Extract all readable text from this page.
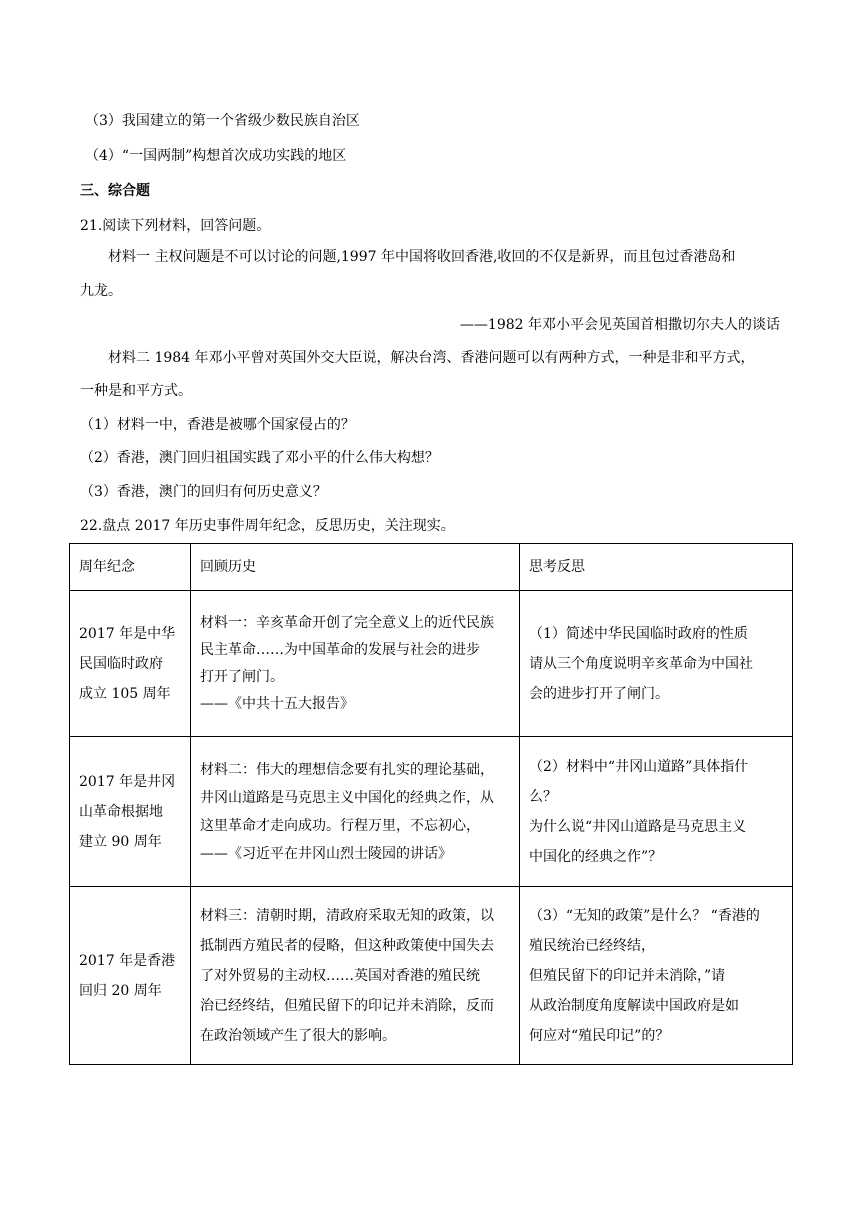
（3）我国建立的第一个省级少数民族自治区
（4）“一国两制”构想首次成功实践的地区
三、综合题
21.阅读下列材料，回答问题。
材料一 主权问题是不可以讨论的问题,1997 年中国将收回香港,收回的不仅是新界，而且包过香港岛和
九龙。
——1982 年邓小平会见英国首相撒切尔夫人的谈话
材料二 1984 年邓小平曾对英国外交大臣说，解决台湾、香港问题可以有两种方式，一种是非和平方式，
一种是和平方式。
（1）材料一中，香港是被哪个国家侵占的？
（2）香港，澳门回归祖国实践了邓小平的什么伟大构想？
（3）香港，澳门的回归有何历史意义？
22.盘点 2017 年历史事件周年纪念，反思历史，关注现实。
周年纪念	回顾历史	思考反思

2017 年是中华
民国临时政府
成立 105 周年	材料一：辛亥革命开创了完全意义上的近代民族
民主革命……为中国革命的发展与社会的进步
打开了闸门。
——《中共十五大报告》	（1）简述中华民国临时政府的性质
请从三个角度说明辛亥革命为中国社
会的进步打开了闸门。

2017 年是井冈
山革命根据地
建立 90 周年	材料二：伟大的理想信念要有扎实的理论基础，
井冈山道路是马克思主义中国化的经典之作，从
这里革命才走向成功。行程万里，不忘初心，
——《习近平在井冈山烈士陵园的讲话》	（2）材料中“井冈山道路”具体指什
么？
为什么说“井冈山道路是马克思主义
中国化的经典之作”？

2017 年是香港
回归 20 周年	材料三：清朝时期，清政府采取无知的政策，以
抵制西方殖民者的侵略，但这种政策使中国失去
了对外贸易的主动权……英国对香港的殖民统
治已经终结，但殖民留下的印记并未消除，反而
在政治领域产生了很大的影响。	（3）“无知的政策”是什么？ “香港的
殖民统治已经终结，
但殖民留下的印记并未消除，”请
从政治制度角度解读中国政府是如
何应对“殖民印记”的？
